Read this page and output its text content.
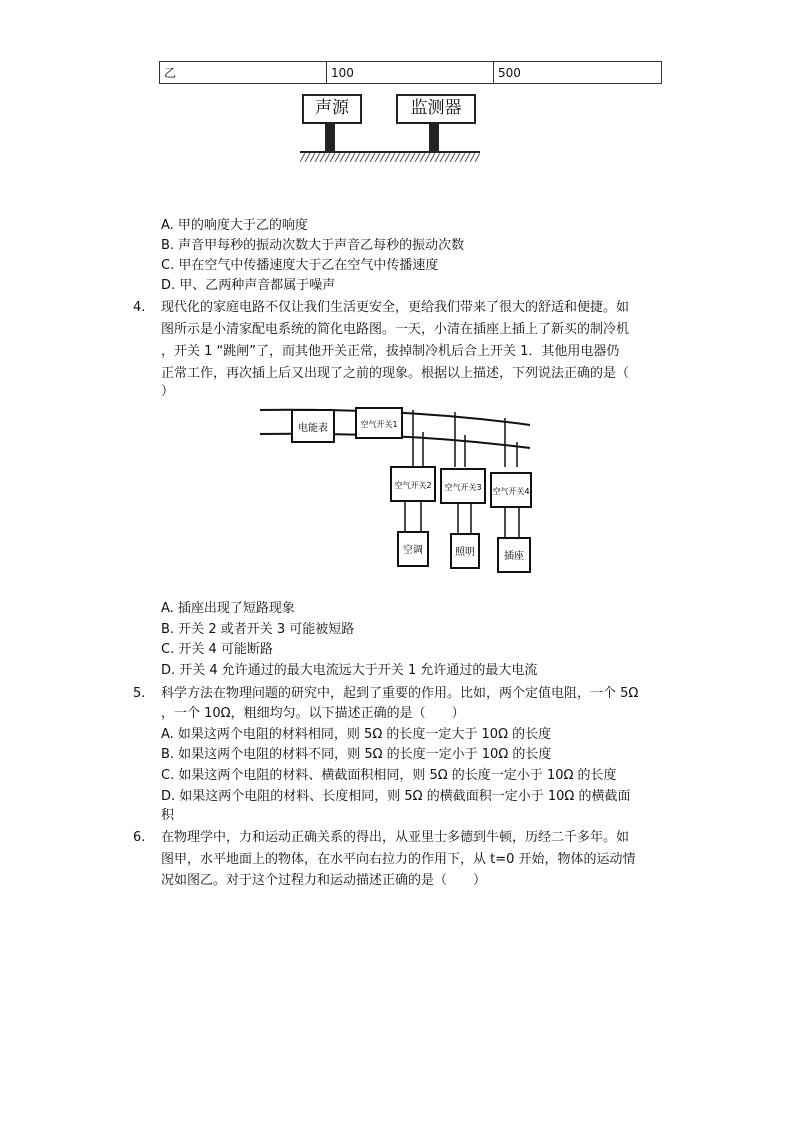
乙	100	500
声源	监测器
A. 甲的响度大于乙的响度
B. 声音甲每秒的振动次数大于声音乙每秒的振动次数
C. 甲在空气中传播速度大于乙在空气中传播速度
D. 甲、乙两种声音都属于噪声
4. 现代化的家庭电路不仅让我们生活更安全，更给我们带来了很大的舒适和便捷。如
图所示是小清家配电系统的简化电路图。一天，小清在插座上插上了新买的制冷机
，开关 1 “跳闸”了，而其他开关正常，拔掉制冷机后合上开关 1．其他用电器仍
正常工作，再次插上后又出现了之前的现象。根据以上描述，下列说法正确的是（
）
电能表	空气开关1
空气开关2 空气开关3 空气开关4
空调	照明	插座
A. 插座出现了短路现象
B. 开关 2 或者开关 3 可能被短路
C. 开关 4 可能断路
D. 开关 4 允许通过的最大电流远大于开关 1 允许通过的最大电流
5. 科学方法在物理问题的研究中，起到了重要的作用。比如，两个定值电阻，一个 5Ω
，一个 10Ω，粗细均匀。以下描述正确的是（　　）
A. 如果这两个电阻的材料相同，则 5Ω 的长度一定大于 10Ω 的长度
B. 如果这两个电阻的材料不同，则 5Ω 的长度一定小于 10Ω 的长度
C. 如果这两个电阻的材料、横截面积相同，则 5Ω 的长度一定小于 10Ω 的长度
D. 如果这两个电阻的材料、长度相同，则 5Ω 的横截面积一定小于 10Ω 的横截面
积
6. 在物理学中，力和运动正确关系的得出，从亚里士多德到牛顿，历经二千多年。如
图甲，水平地面上的物体，在水平向右拉力的作用下，从 t=0 开始，物体的运动情
况如图乙。对于这个过程力和运动描述正确的是（　　）
